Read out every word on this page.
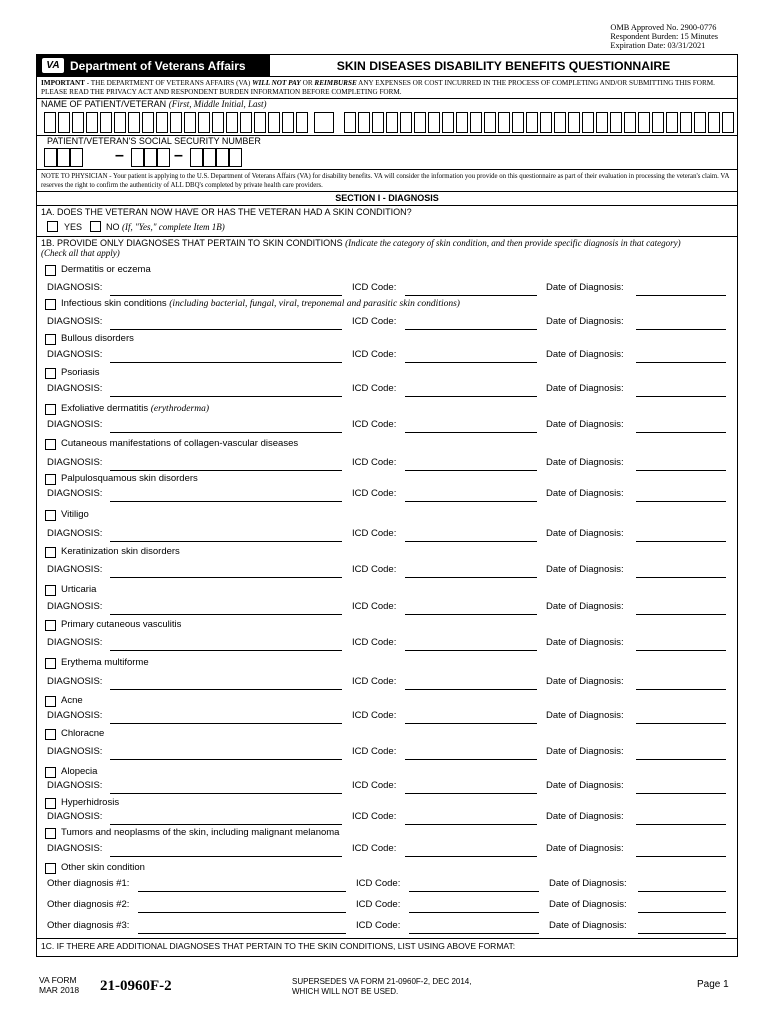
OMB Approved No. 2900-0776
Respondent Burden: 15 Minutes
Expiration Date: 03/31/2021
VA Department of Veterans Affairs	SKIN DISEASES DISABILITY BENEFITS QUESTIONNAIRE
IMPORTANT - THE DEPARTMENT OF VETERANS AFFAIRS (VA) WILL NOT PAY OR REIMBURSE ANY EXPENSES OR COST INCURRED IN THE PROCESS OF COMPLETING AND/OR SUBMITTING THIS FORM. PLEASE READ THE PRIVACY ACT AND RESPONDENT BURDEN INFORMATION BEFORE COMPLETING FORM.
NAME OF PATIENT/VETERAN (First, Middle Initial, Last)
PATIENT/VETERAN'S SOCIAL SECURITY NUMBER
–	–
NOTE TO PHYSICIAN - Your patient is applying to the U.S. Department of Veterans Affairs (VA) for disability benefits. VA will consider the information you provide on this questionnaire as part of their evaluation in processing the veteran's claim. VA reserves the right to confirm the authenticity of ALL DBQ's completed by private health care providers.
SECTION I - DIAGNOSIS
1A. DOES THE VETERAN NOW HAVE OR HAS THE VETERAN HAD A SKIN CONDITION?
YES	NO (If, "Yes," complete Item 1B)
1B. PROVIDE ONLY DIAGNOSES THAT PERTAIN TO SKIN CONDITIONS (Indicate the category of skin condition, and then provide specific diagnosis in that category)
(Check all that apply)
Dermatitis or eczema
DIAGNOSIS:	ICD Code:	Date of Diagnosis:
Infectious skin conditions (including bacterial, fungal, viral, treponemal and parasitic skin conditions)
DIAGNOSIS:	ICD Code:	Date of Diagnosis:
Bullous disorders
DIAGNOSIS:	ICD Code:	Date of Diagnosis:
Psoriasis
DIAGNOSIS:	ICD Code:	Date of Diagnosis:
Exfoliative dermatitis (erythroderma)
DIAGNOSIS:	ICD Code:	Date of Diagnosis:
Cutaneous manifestations of collagen-vascular diseases
DIAGNOSIS:	ICD Code:	Date of Diagnosis:
Palpulosquamous skin disorders
DIAGNOSIS:	ICD Code:	Date of Diagnosis:
Vitiligo
DIAGNOSIS:	ICD Code:	Date of Diagnosis:
Keratinization skin disorders
DIAGNOSIS:	ICD Code:	Date of Diagnosis:
Urticaria
DIAGNOSIS:	ICD Code:	Date of Diagnosis:
Primary cutaneous vasculitis
DIAGNOSIS:	ICD Code:	Date of Diagnosis:
Erythema multiforme
DIAGNOSIS:	ICD Code:	Date of Diagnosis:
Acne
DIAGNOSIS:	ICD Code:	Date of Diagnosis:
Chloracne
DIAGNOSIS:	ICD Code:	Date of Diagnosis:
Alopecia
DIAGNOSIS:	ICD Code:	Date of Diagnosis:
Hyperhidrosis
DIAGNOSIS:	ICD Code:	Date of Diagnosis:
Tumors and neoplasms of the skin, including malignant melanoma
DIAGNOSIS:	ICD Code:	Date of Diagnosis:
Other skin condition
Other diagnosis #1:	ICD Code:	Date of Diagnosis:
Other diagnosis #2:	ICD Code:	Date of Diagnosis:
Other diagnosis #3:	ICD Code:	Date of Diagnosis:
1C. IF THERE ARE ADDITIONAL DIAGNOSES THAT PERTAIN TO THE SKIN CONDITIONS, LIST USING ABOVE FORMAT:
VA FORM
MAR 2018 21-0960F-2	SUPERSEDES VA FORM 21-0960F-2, DEC 2014,
WHICH WILL NOT BE USED.
Page 1
